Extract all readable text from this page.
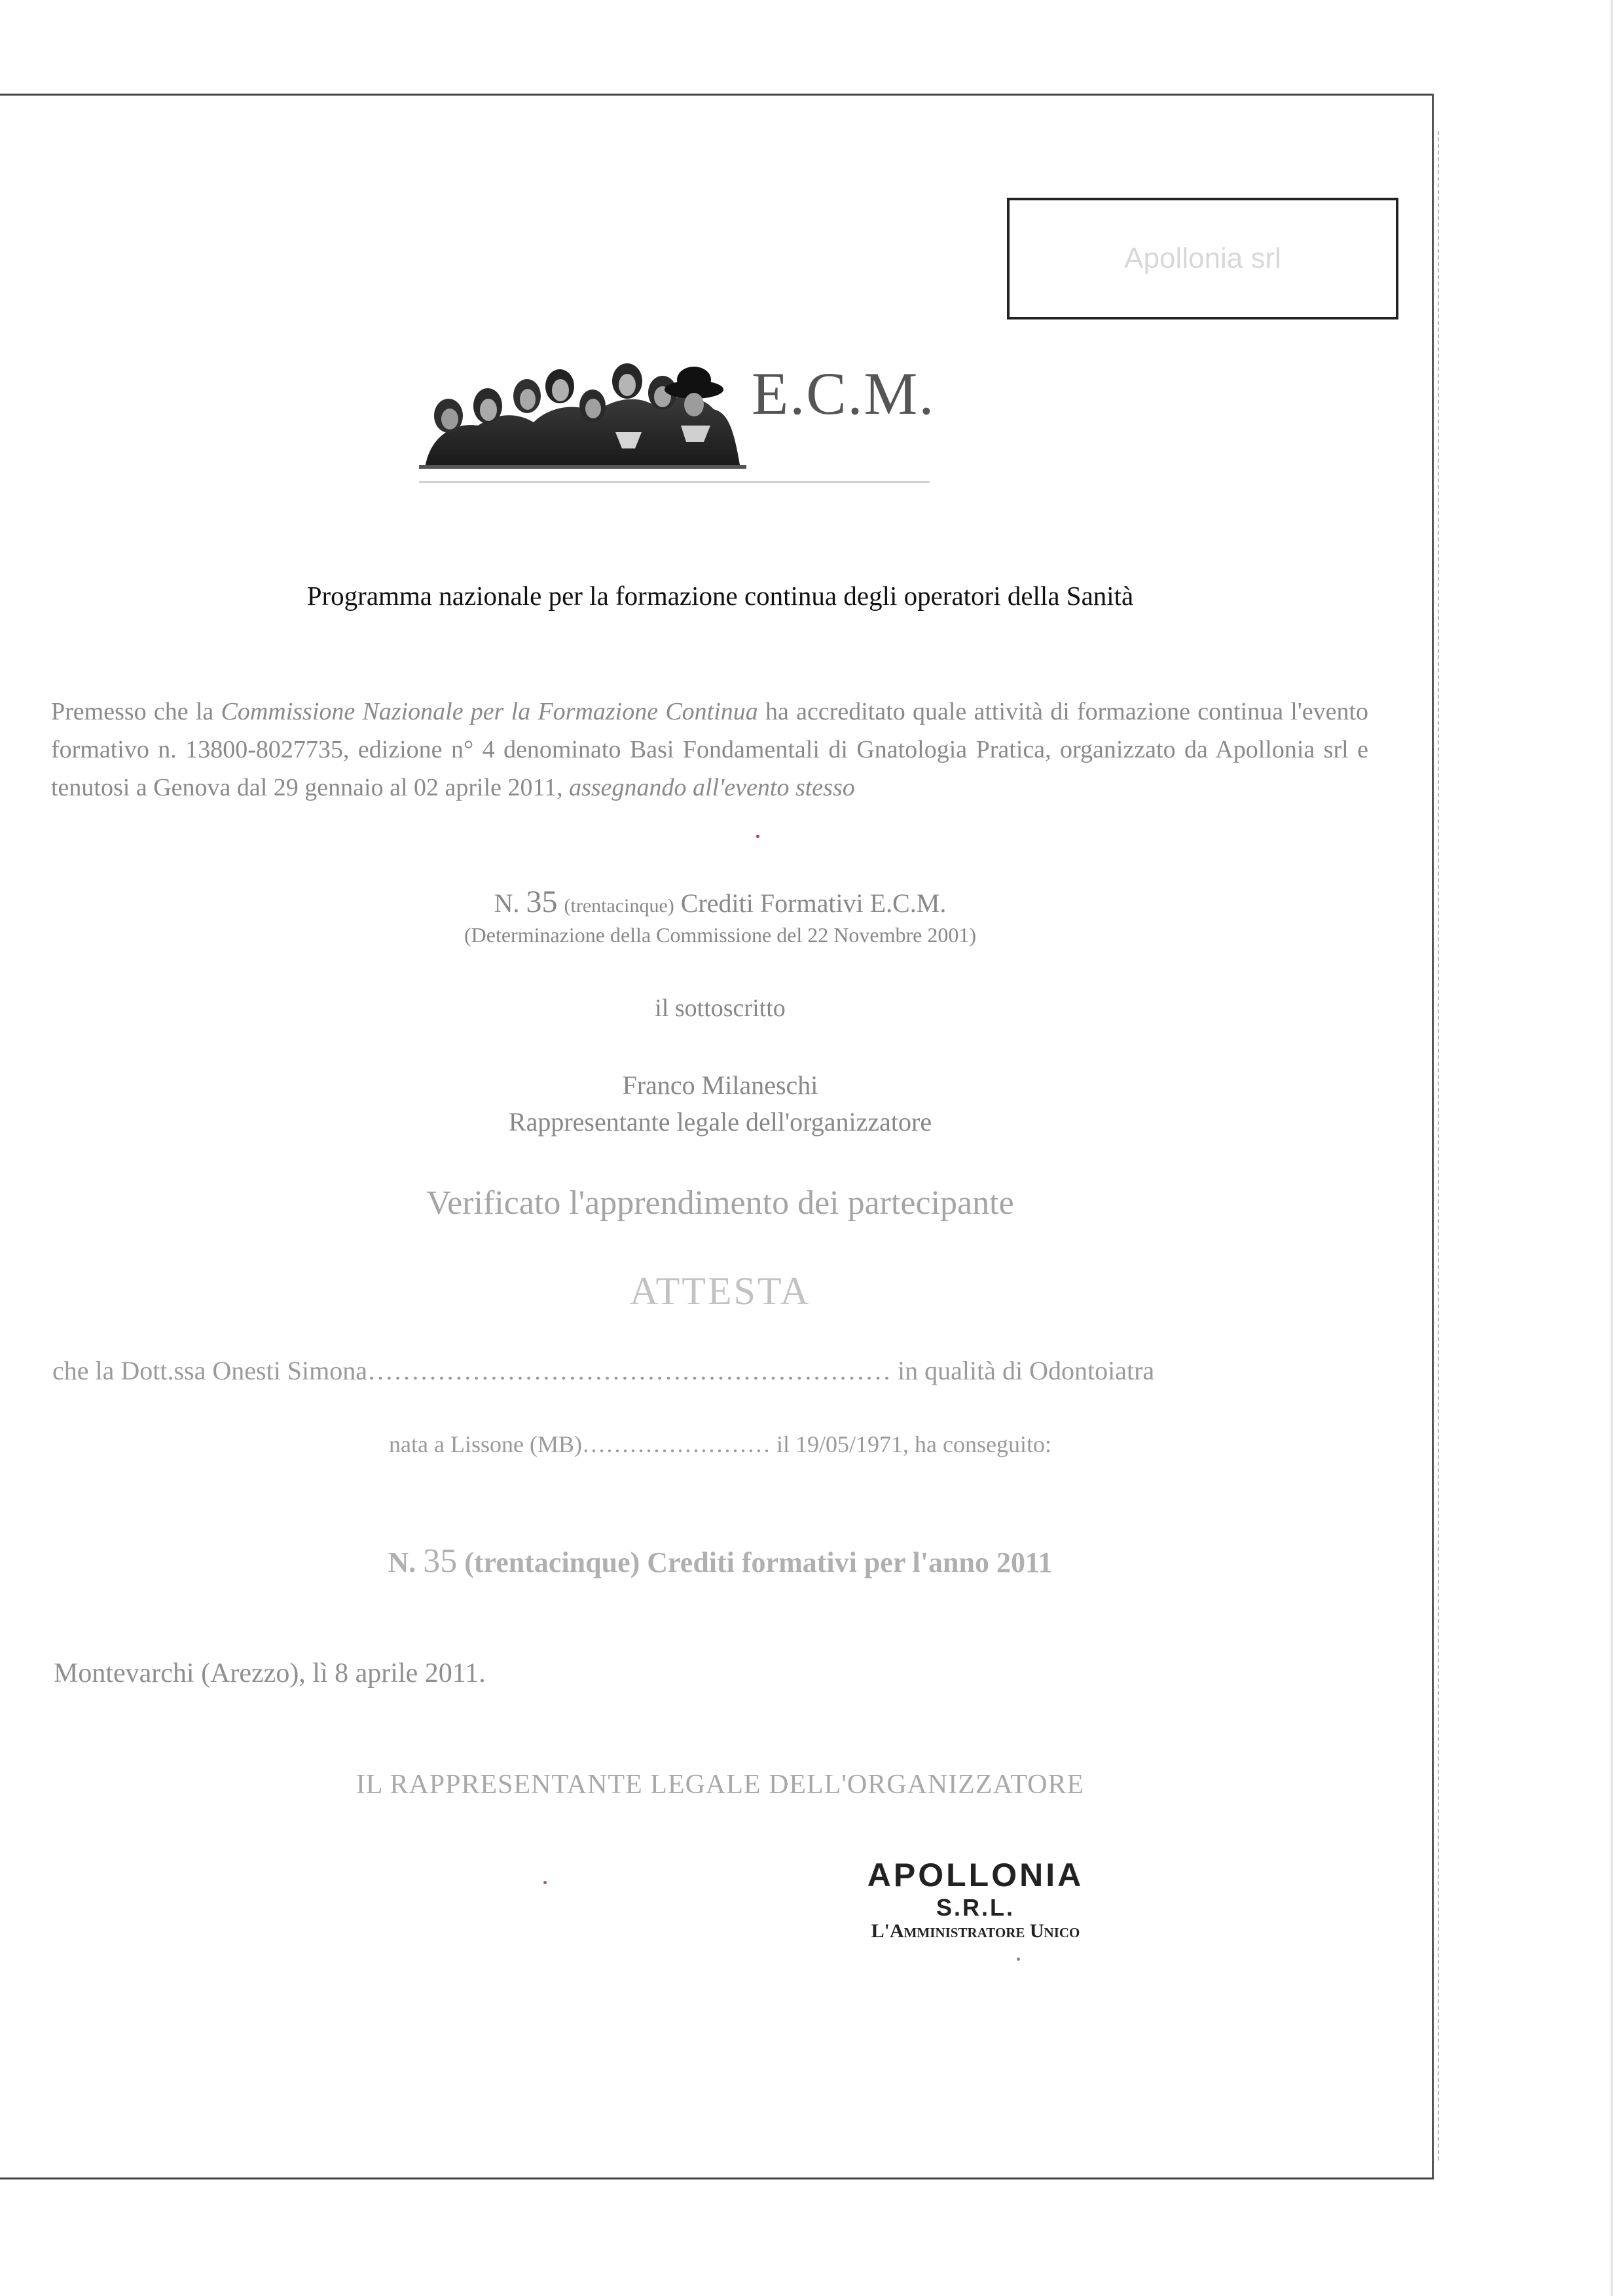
Apollonia srl
E.C.M.
Programma nazionale per la formazione continua degli operatori della Sanità
Premesso che la Commissione Nazionale per la Formazione Continua ha accreditato quale attività di formazione continua l'evento formativo n. 13800-8027735, edizione n° 4 denominato Basi Fondamentali di Gnatologia Pratica, organizzato da Apollonia srl e tenutosi a Genova dal 29 gennaio al 02 aprile 2011, assegnando all'evento stesso
N. 35 (trentacinque) Crediti Formativi E.C.M.
(Determinazione della Commissione del 22 Novembre 2001)
il sottoscritto
Franco Milaneschi
Rappresentante legale dell'organizzatore
Verificato l'apprendimento dei partecipante
ATTESTA
che la Dott.ssa Onesti Simona…………………………………………………… in qualità di Odontoiatra
nata a Lissone (MB)…………………… il 19/05/1971, ha conseguito:
N. 35 (trentacinque) Crediti formativi per l'anno 2011
Montevarchi (Arezzo), lì 8 aprile 2011.
IL RAPPRESENTANTE LEGALE DELL'ORGANIZZATORE
APOLLONIA
S.R.L.
L'Amministratore Unico
